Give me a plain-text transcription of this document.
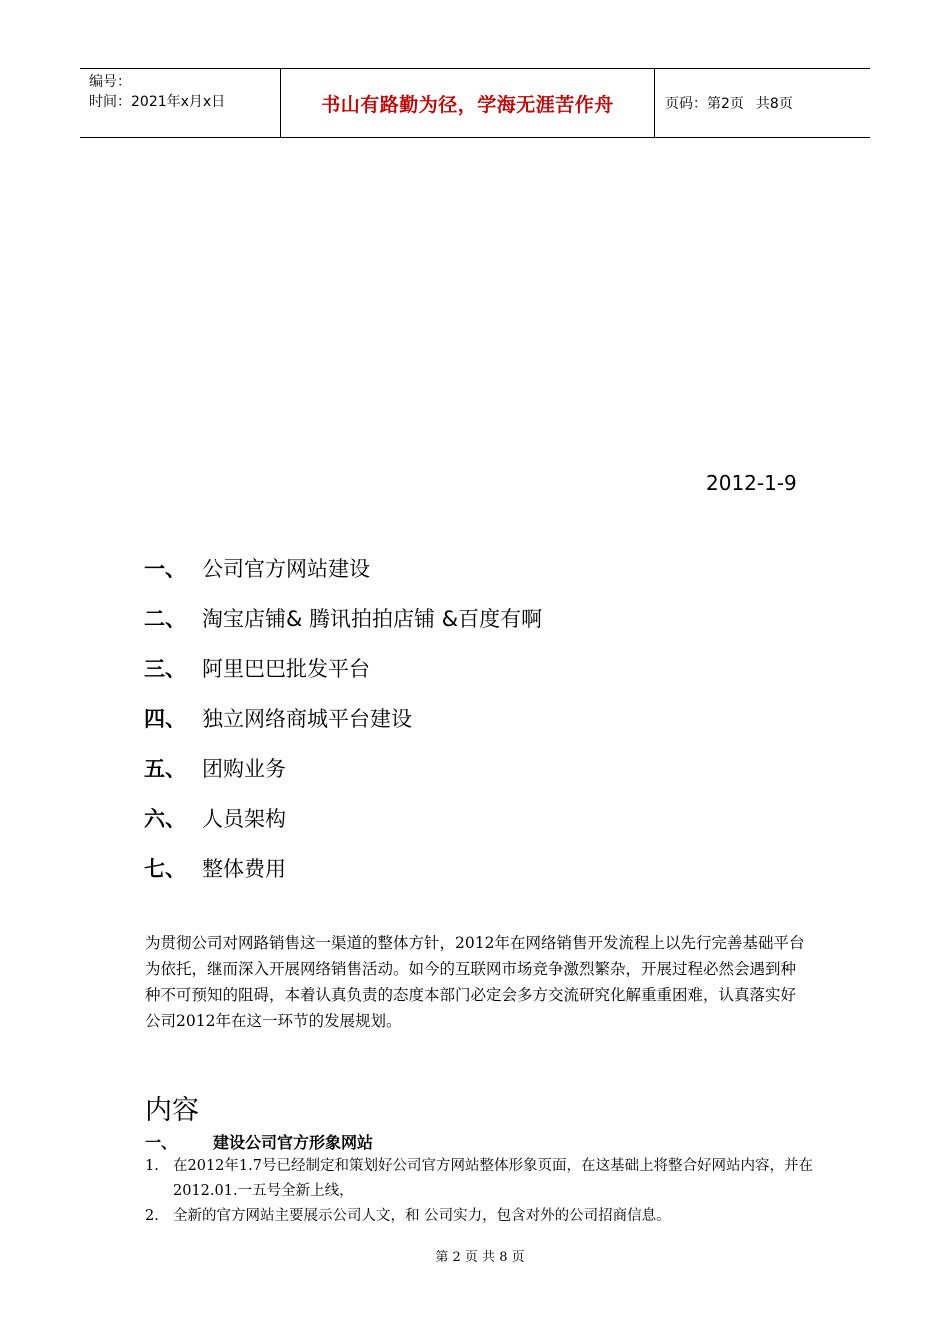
编号：
时间：2021年x月x日	书山有路勤为径，学海无涯苦作舟	页码：第2页 共8页
2012-1-9
一、 公司官方网站建设
二、 淘宝店铺& 腾讯拍拍店铺 &百度有啊
三、 阿里巴巴批发平台
四、 独立网络商城平台建设
五、 团购业务
六、 人员架构
七、 整体费用
为贯彻公司对网路销售这一渠道的整体方针，2012年在网络销售开发流程上以先行完善基础平台为依托，继而深入开展网络销售活动。如今的互联网市场竞争激烈繁杂，开展过程必然会遇到种种不可预知的阻碍，本着认真负责的态度本部门必定会多方交流研究化解重重困难，认真落实好公司2012年在这一环节的发展规划。
内容
一、 建设公司官方形象网站
1. 在2012年1.7号已经制定和策划好公司官方网站整体形象页面，在这基础上将整合好网站内容，并在2012.01.一五号全新上线，
2. 全新的官方网站主要展示公司人文，和 公司实力，包含对外的公司招商信息。
第 2 页 共 8 页
